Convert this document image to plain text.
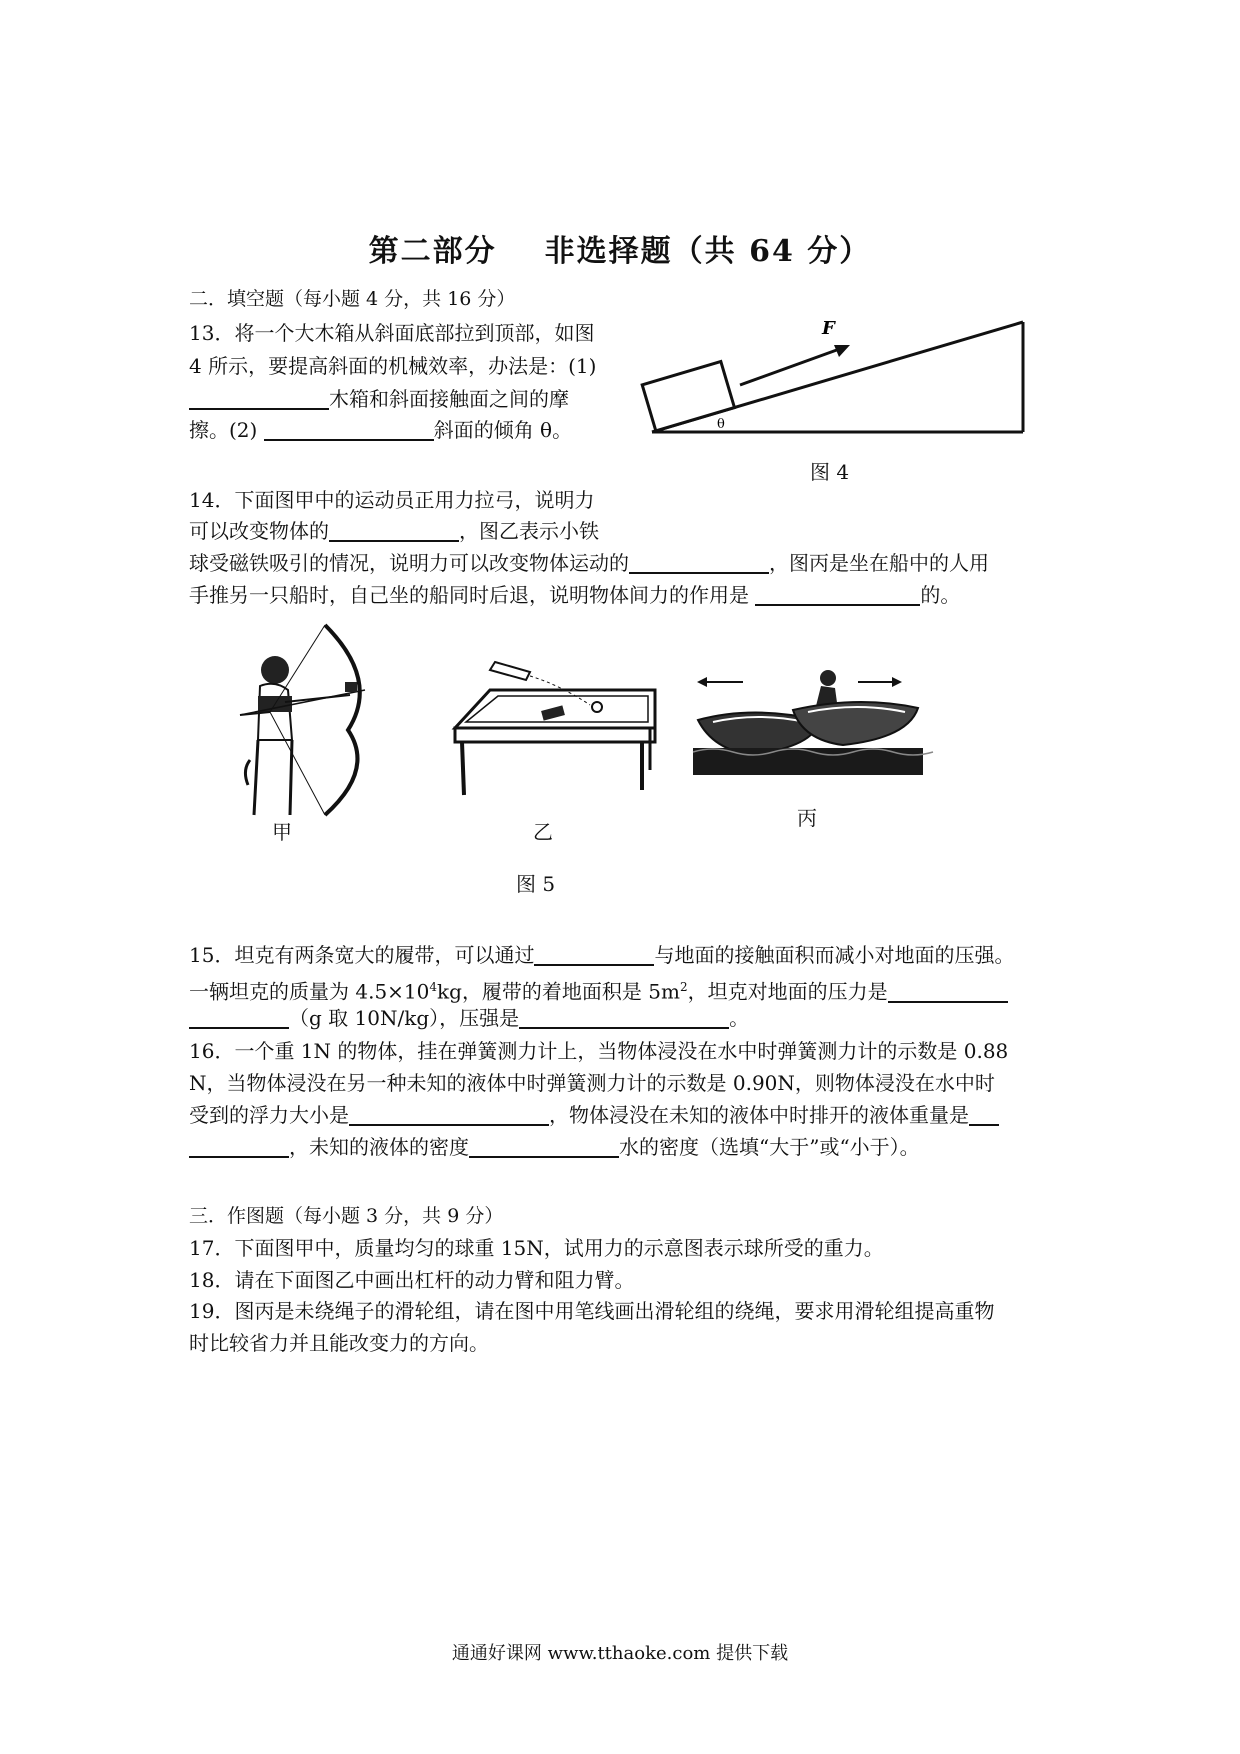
第二部分 非选择题（共 64 分）
二．填空题（每小题 4 分，共 16 分）
13．将一个大木箱从斜面底部拉到顶部，如图
4 所示，要提高斜面的机械效率，办法是：(1)
木箱和斜面接触面之间的摩
擦。(2)	斜面的倾角 θ。
F
θ
图 4
14．下面图甲中的运动员正用力拉弓，说明力
可以改变物体的	，图乙表示小铁
球受磁铁吸引的情况，说明力可以改变物体运动的	，图丙是坐在船中的人用
手推另一只船时，自己坐的船同时后退，说明物体间力的作用是	的。
甲	乙
丙
图 5
15．坦克有两条宽大的履带，可以通过	与地面的接触面积而减小对地面的压强。
一辆坦克的质量为 $4.5\times 10^4kg$，履带的着地面积是 $5m^2$，坦克对地面的压力是
（g 取 10N/kg），压强是	。
16．一个重 1N 的物体，挂在弹簧测力计上，当物体浸没在水中时弹簧测力计的示数是 0.88
N，当物体浸没在另一种未知的液体中时弹簧测力计的示数是 0.90N，则物体浸没在水中时
受到的浮力大小是	，物体浸没在未知的液体中时排开的液体重量是
，未知的液体的密度	水的密度（选填“大于”或“小于）。
三．作图题（每小题 3 分，共 9 分）
17．下面图甲中，质量均匀的球重 15N，试用力的示意图表示球所受的重力。
18．请在下面图乙中画出杠杆的动力臂和阻力臂。
19．图丙是未绕绳子的滑轮组，请在图中用笔线画出滑轮组的绕绳，要求用滑轮组提高重物
时比较省力并且能改变力的方向。
通通好课网 www.tthaoke.com 提供下载
